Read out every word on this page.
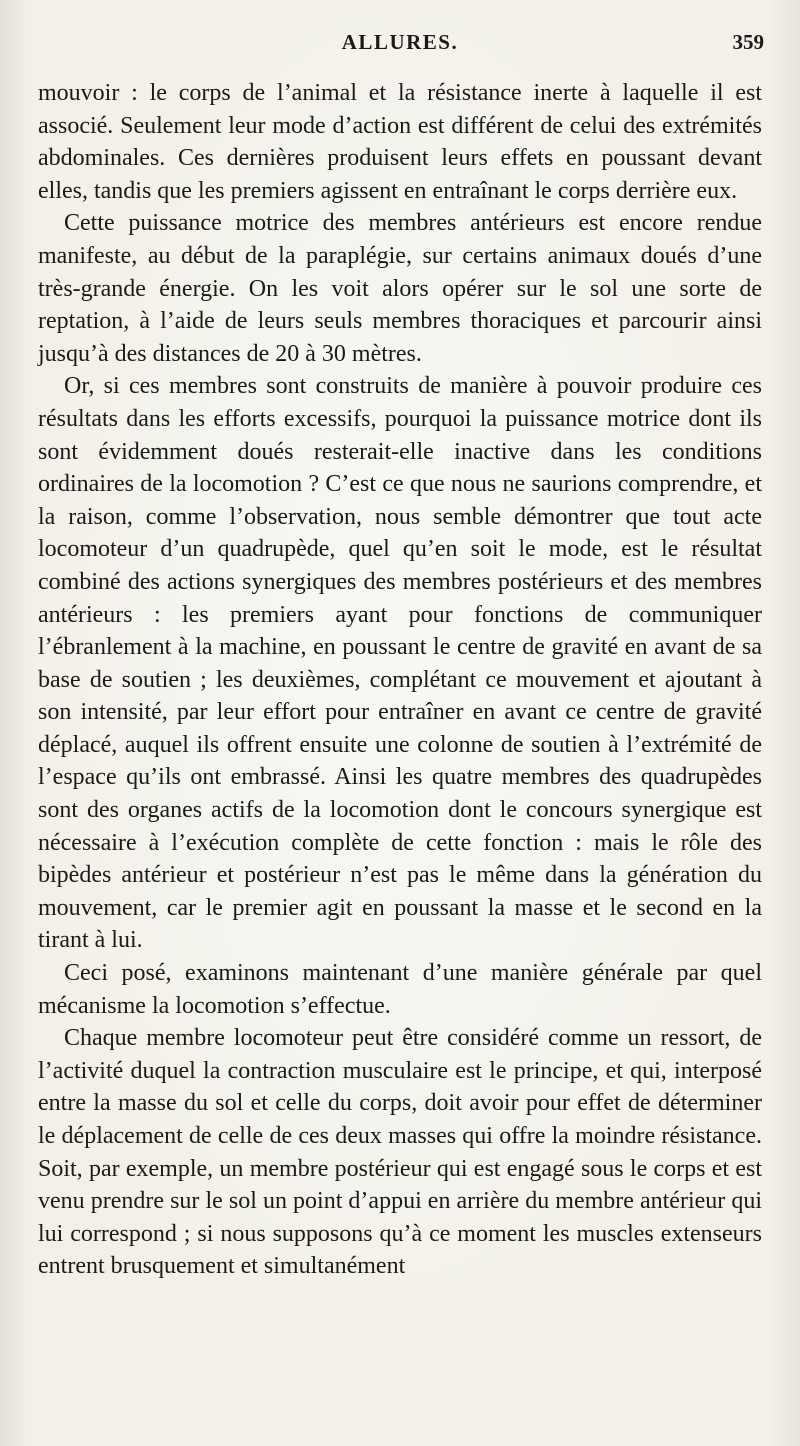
ALLURES.	359

mouvoir : le corps de l’animal et la résistance inerte à laquelle il est associé. Seulement leur mode d’action est différent de celui des extrémités abdominales. Ces dernières produisent leurs effets en poussant devant elles, tandis que les premiers agissent en entraînant le corps derrière eux.

Cette puissance motrice des membres antérieurs est encore rendue manifeste, au début de la paraplégie, sur certains animaux doués d’une très-grande énergie. On les voit alors opérer sur le sol une sorte de reptation, à l’aide de leurs seuls membres thoraciques et parcourir ainsi jusqu’à des distances de 20 à 30 mètres.

Or, si ces membres sont construits de manière à pouvoir produire ces résultats dans les efforts excessifs, pourquoi la puissance motrice dont ils sont évidemment doués resterait-elle inactive dans les conditions ordinaires de la locomotion ? C’est ce que nous ne saurions comprendre, et la raison, comme l’observation, nous semble démontrer que tout acte locomoteur d’un quadrupède, quel qu’en soit le mode, est le résultat combiné des actions synergiques des membres postérieurs et des membres antérieurs : les premiers ayant pour fonctions de communiquer l’ébranlement à la machine, en poussant le centre de gravité en avant de sa base de soutien ; les deuxièmes, complétant ce mouvement et ajoutant à son intensité, par leur effort pour entraîner en avant ce centre de gravité déplacé, auquel ils offrent ensuite une colonne de soutien à l’extrémité de l’espace qu’ils ont embrassé. Ainsi les quatre membres des quadrupèdes sont des organes actifs de la locomotion dont le concours synergique est nécessaire à l’exécution complète de cette fonction : mais le rôle des bipèdes antérieur et postérieur n’est pas le même dans la génération du mouvement, car le premier agit en poussant la masse et le second en la tirant à lui.

Ceci posé, examinons maintenant d’une manière générale par quel mécanisme la locomotion s’effectue.

Chaque membre locomoteur peut être considéré comme un ressort, de l’activité duquel la contraction musculaire est le principe, et qui, interposé entre la masse du sol et celle du corps, doit avoir pour effet de déterminer le déplacement de celle de ces deux masses qui offre la moindre résistance. Soit, par exemple, un membre postérieur qui est engagé sous le corps et est venu prendre sur le sol un point d’appui en arrière du membre antérieur qui lui correspond ; si nous supposons qu’à ce moment les muscles extenseurs entrent brusquement et simultanément
